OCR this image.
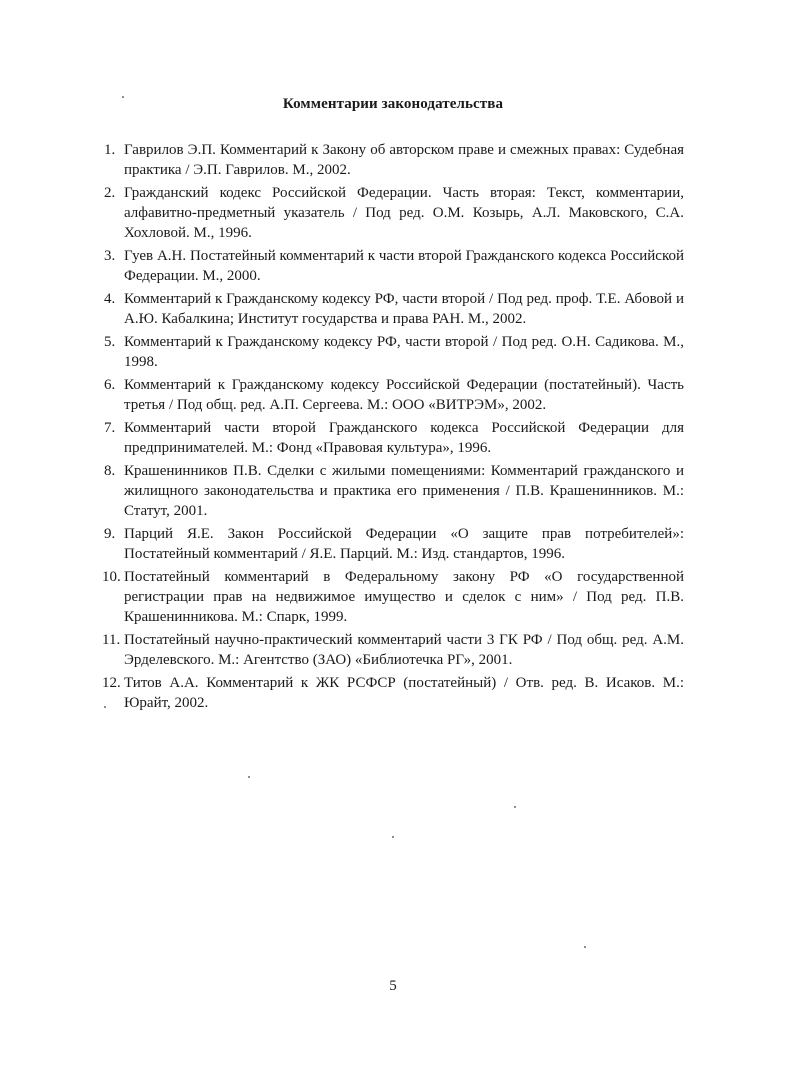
Комментарии законодательства
1. Гаврилов Э.П. Комментарий к Закону об авторском праве и смежных правах: Судебная практика / Э.П. Гаврилов. М., 2002.
2. Гражданский кодекс Российской Федерации. Часть вторая: Текст, комментарии, алфавитно-предметный указатель / Под ред. О.М. Козырь, А.Л. Маковского, С.А. Хохловой. М., 1996.
3. Гуев А.Н. Постатейный комментарий к части второй Гражданского кодекса Российской Федерации. М., 2000.
4. Комментарий к Гражданскому кодексу РФ, части второй / Под ред. проф. Т.Е. Абовой и А.Ю. Кабалкина; Институт государства и права РАН. М., 2002.
5. Комментарий к Гражданскому кодексу РФ, части второй / Под ред. О.Н. Садикова. М., 1998.
6. Комментарий к Гражданскому кодексу Российской Федерации (постатейный). Часть третья / Под общ. ред. А.П. Сергеева. М.: ООО «ВИТРЭМ», 2002.
7. Комментарий части второй Гражданского кодекса Российской Федерации для предпринимателей. М.: Фонд «Правовая культура», 1996.
8. Крашенинников П.В. Сделки с жилыми помещениями: Комментарий гражданского и жилищного законодательства и практика его применения / П.В. Крашенинников. М.: Статут, 2001.
9. Парций Я.Е. Закон Российской Федерации «О защите прав потребителей»: Постатейный комментарий / Я.Е. Парций. М.: Изд. стандартов, 1996.
10. Постатейный комментарий в Федеральному закону РФ «О государственной регистрации прав на недвижимое имущество и сделок с ним» / Под ред. П.В. Крашенинникова. М.: Спарк, 1999.
11. Постатейный научно-практический комментарий части 3 ГК РФ / Под общ. ред. А.М. Эрделевского. М.: Агентство (ЗАО) «Библиотечка РГ», 2001.
12. Титов А.А. Комментарий к ЖК РСФСР (постатейный) / Отв. ред. В. Исаков. М.: Юрайт, 2002.
5
